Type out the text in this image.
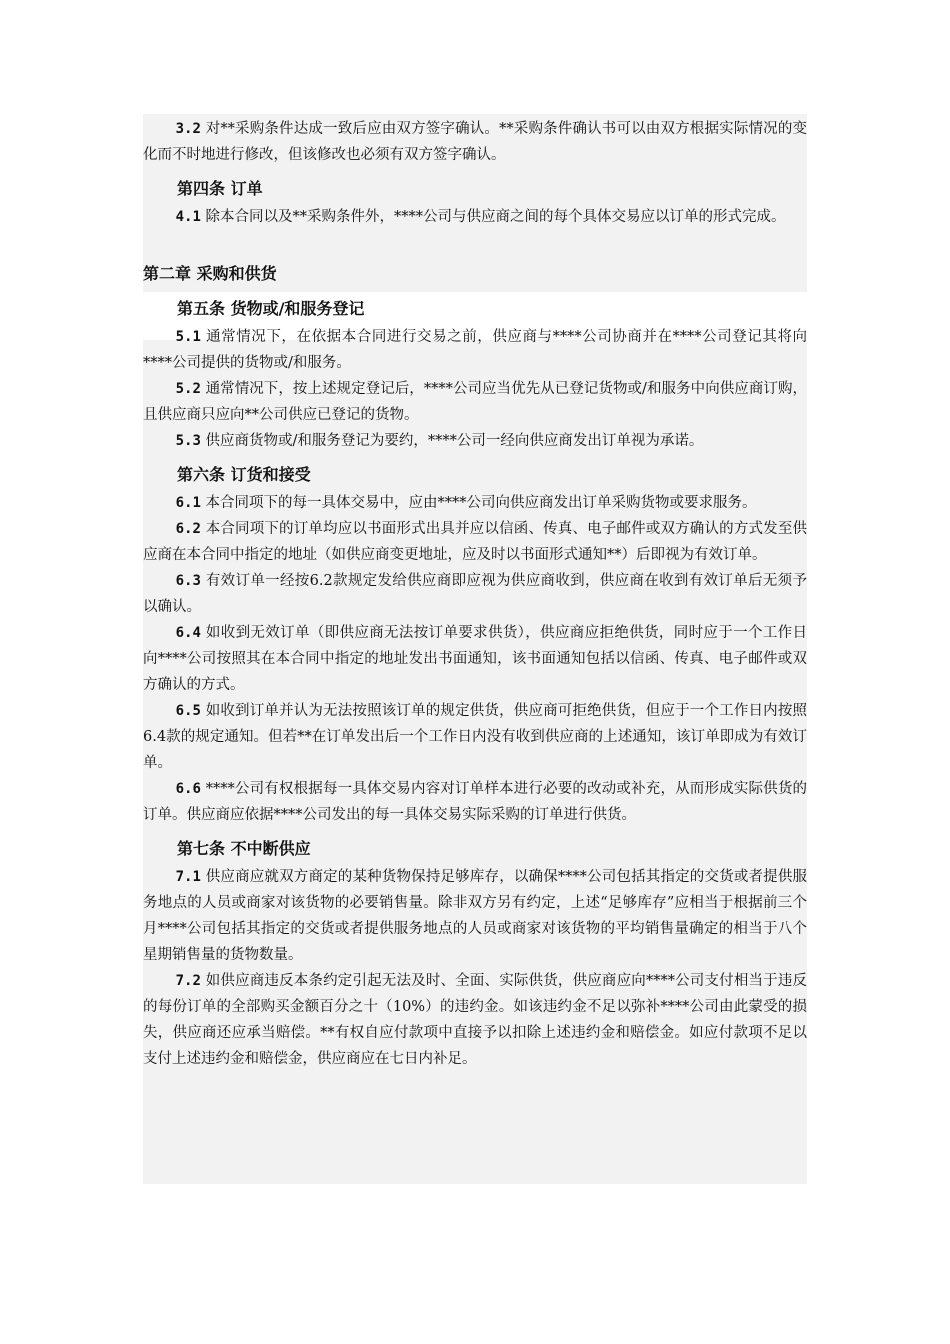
3.2 对**采购条件达成一致后应由双方签字确认。**采购条件确认书可以由双方根据实际情况的变化而不时地进行修改，但该修改也必须有双方签字确认。

第四条 订单

4.1 除本合同以及**采购条件外，****公司与供应商之间的每个具体交易应以订单的形式完成。

第二章 采购和供货
第五条 货物或/和服务登记

5.1 通常情况下，在依据本合同进行交易之前，供应商与****公司协商并在****公司登记其将向****公司提供的货物或/和服务。

5.2 通常情况下，按上述规定登记后，****公司应当优先从已登记货物或/和服务中向供应商订购，且供应商只应向**公司供应已登记的货物。

5.3 供应商货物或/和服务登记为要约，****公司一经向供应商发出订单视为承诺。

第六条 订货和接受

6.1 本合同项下的每一具体交易中，应由****公司向供应商发出订单采购货物或要求服务。

6.2 本合同项下的订单均应以书面形式出具并应以信函、传真、电子邮件或双方确认的方式发至供应商在本合同中指定的地址（如供应商变更地址，应及时以书面形式通知**）后即视为有效订单。

6.3 有效订单一经按6.2款规定发给供应商即应视为供应商收到，供应商在收到有效订单后无须予以确认。

6.4 如收到无效订单（即供应商无法按订单要求供货），供应商应拒绝供货，同时应于一个工作日向****公司按照其在本合同中指定的地址发出书面通知，该书面通知包括以信函、传真、电子邮件或双方确认的方式。

6.5 如收到订单并认为无法按照该订单的规定供货，供应商可拒绝供货，但应于一个工作日内按照6.4款的规定通知。但若**在订单发出后一个工作日内没有收到供应商的上述通知，该订单即成为有效订单。

6.6 ****公司有权根据每一具体交易内容对订单样本进行必要的改动或补充，从而形成实际供货的订单。供应商应依据****公司发出的每一具体交易实际采购的订单进行供货。

第七条 不中断供应

7.1 供应商应就双方商定的某种货物保持足够库存，以确保****公司包括其指定的交货或者提供服务地点的人员或商家对该货物的必要销售量。除非双方另有约定，上述“足够库存”应相当于根据前三个月****公司包括其指定的交货或者提供服务地点的人员或商家对该货物的平均销售量确定的相当于八个星期销售量的货物数量。

7.2 如供应商违反本条约定引起无法及时、全面、实际供货，供应商应向****公司支付相当于违反的每份订单的全部购买金额百分之十（10%）的违约金。如该违约金不足以弥补****公司由此蒙受的损失，供应商还应承当赔偿。**有权自应付款项中直接予以扣除上述违约金和赔偿金。如应付款项不足以支付上述违约金和赔偿金，供应商应在七日内补足。
